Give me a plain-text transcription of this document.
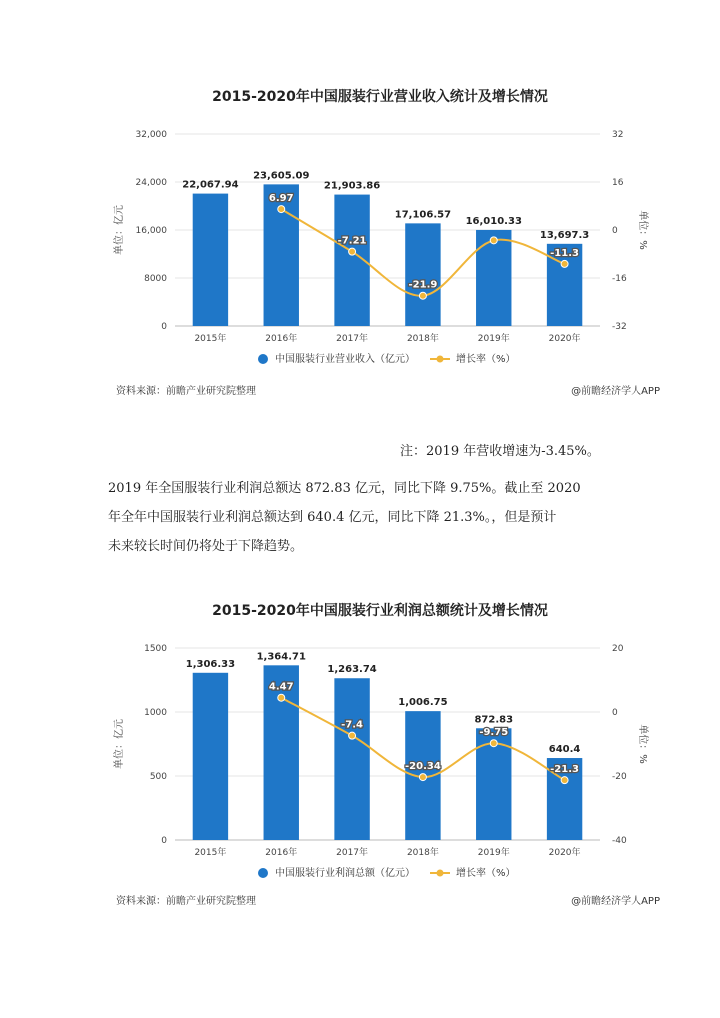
2015-2020年中国服装行业营业收入统计及增长情况
0
8000
16,000
24,000
32,000
-32
-16
0
16
32
单位：亿元	单位：%
22,067.94
2015年
23,605.09
2016年
21,903.86
2017年
17,106.57
2018年
16,010.33
2019年
13,697.3
2020年
6.97
-7.21
-21.9
-11.3
中国服装行业营业收入（亿元）	增长率（%）
资料来源：前瞻产业研究院整理	@前瞻经济学人APP
注：2019 年营收增速为-3.45%。

2019 年全国服装行业利润总额达 872.83 亿元，同比下降 9.75%。截止至 2020

年全年中国服装行业利润总额达到 640.4 亿元，同比下降 21.3%。，但是预计

未来较长时间仍将处于下降趋势。

2015-2020年中国服装行业利润总额统计及增长情况
0
500
1000
1500
-40
-20
0
20
单位：亿元	单位：%
1,306.33
2015年
1,364.71
2016年
1,263.74
2017年
1,006.75
2018年
872.83
2019年
640.4
2020年
4.47
-7.4
-20.34
-9.75
-21.3
中国服装行业利润总额（亿元）	增长率（%）
资料来源：前瞻产业研究院整理	@前瞻经济学人APP
